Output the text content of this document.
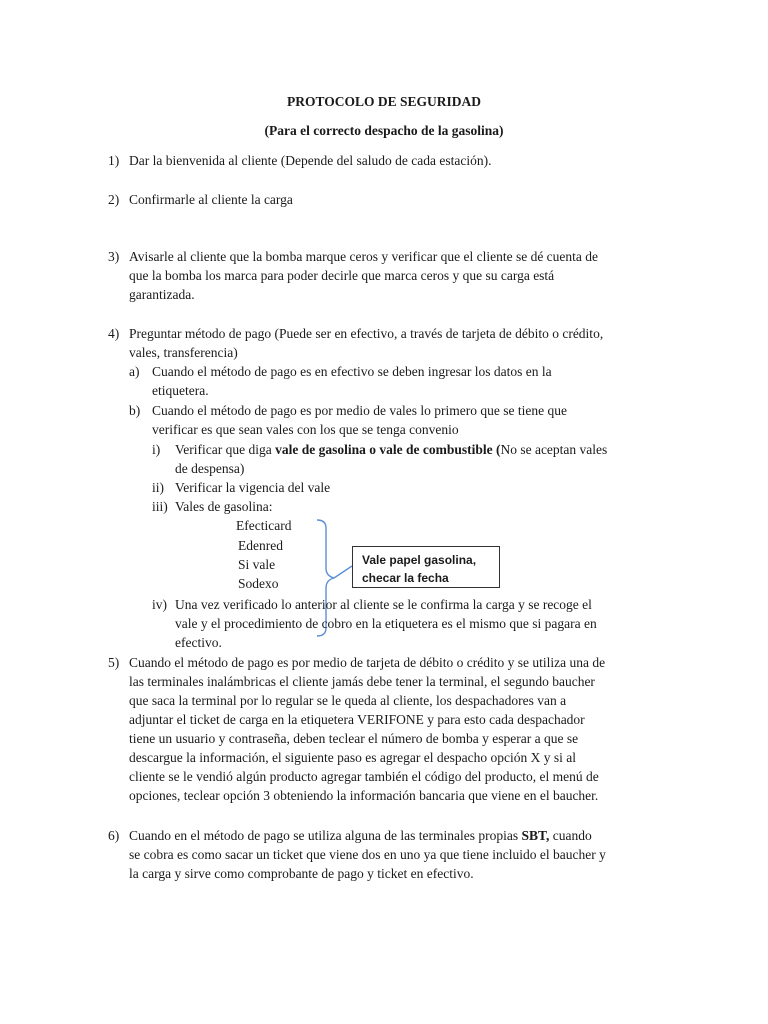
PROTOCOLO DE SEGURIDAD
(Para el correcto despacho de la gasolina)
1) Dar la bienvenida al cliente (Depende del saludo de cada estación).
2) Confirmarle al cliente la carga
3) Avisarle al cliente que la bomba marque ceros y verificar que el cliente se dé cuenta de
que la bomba los marca para poder decirle que marca ceros y que su carga está
garantizada.
4) Preguntar método de pago (Puede ser en efectivo, a través de tarjeta de débito o crédito,
vales, transferencia)
a) Cuando el método de pago es en efectivo se deben ingresar los datos en la
etiquetera.
b) Cuando el método de pago es por medio de vales lo primero que se tiene que
verificar es que sean vales con los que se tenga convenio
i) Verificar que diga vale de gasolina o vale de combustible (No se aceptan vales
de despensa)
ii) Verificar la vigencia del vale
iii) Vales de gasolina:
Efecticard
Edenred
Si vale
Sodexo
Vale papel gasolina,
checar la fecha
iv) Una vez verificado lo anterior al cliente se le confirma la carga y se recoge el
vale y el procedimiento de cobro en la etiquetera es el mismo que si pagara en
efectivo.
5) Cuando el método de pago es por medio de tarjeta de débito o crédito y se utiliza una de
las terminales inalámbricas el cliente jamás debe tener la terminal, el segundo baucher
que saca la terminal por lo regular se le queda al cliente, los despachadores van a
adjuntar el ticket de carga en la etiquetera VERIFONE y para esto cada despachador
tiene un usuario y contraseña, deben teclear el número de bomba y esperar a que se
descargue la información, el siguiente paso es agregar el despacho opción X y si al
cliente se le vendió algún producto agregar también el código del producto, el menú de
opciones, teclear opción 3 obteniendo la información bancaria que viene en el baucher.
6) Cuando en el método de pago se utiliza alguna de las terminales propias SBT, cuando
se cobra es como sacar un ticket que viene dos en uno ya que tiene incluido el baucher y
la carga y sirve como comprobante de pago y ticket en efectivo.
